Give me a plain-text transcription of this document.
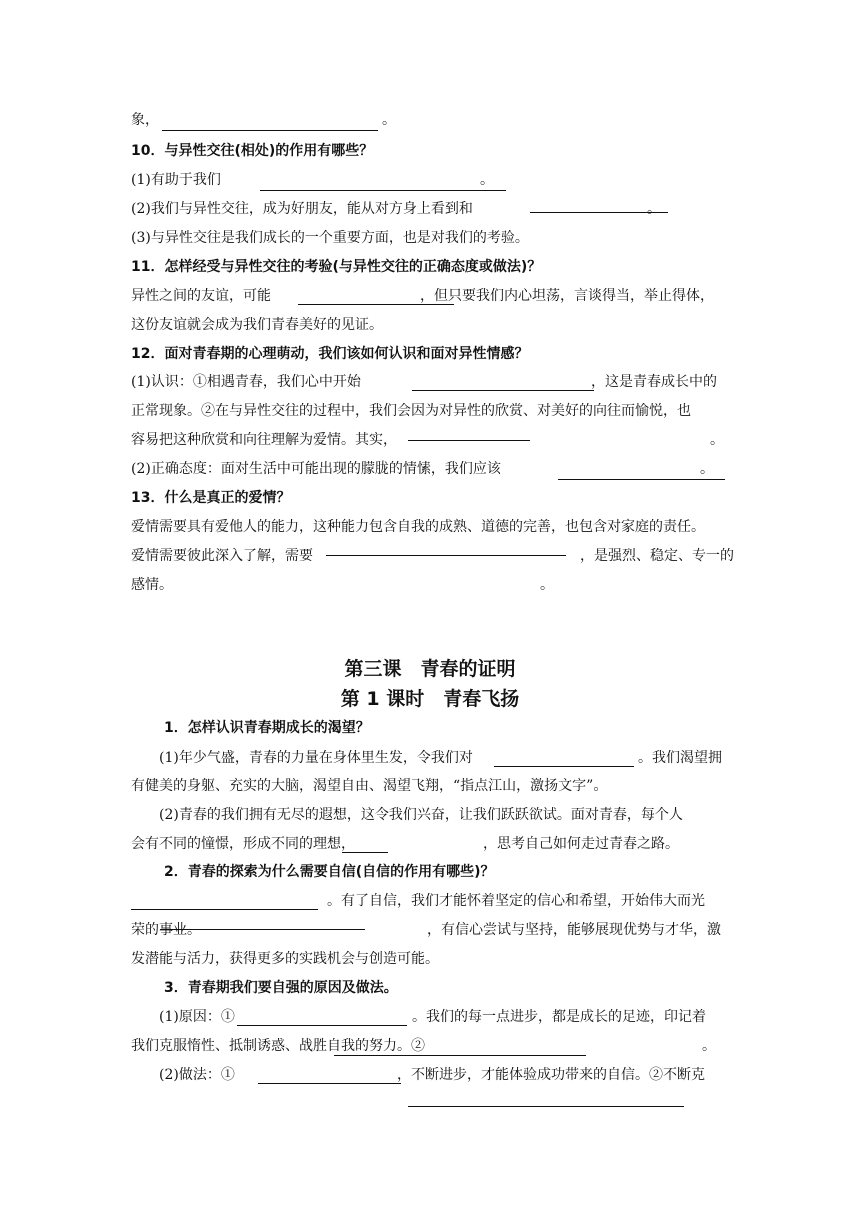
象，	。
10．与异性交往(相处)的作用有哪些？
(1)有助于我们	。
(2)我们与异性交往，成为好朋友，能从对方身上看到和	。
(3)与异性交往是我们成长的一个重要方面，也是对我们的考验。
11．怎样经受与异性交往的考验(与异性交往的正确态度或做法)？
异性之间的友谊，可能	，但只要我们内心坦荡，言谈得当，举止得体，
这份友谊就会成为我们青春美好的见证。
12．面对青春期的心理萌动，我们该如何认识和面对异性情感？
(1)认识：①相遇青春，我们心中开始	，这是青春成长中的
正常现象。②在与异性交往的过程中，我们会因为对异性的欣赏、对美好的向往而愉悦，也
容易把这种欣赏和向往理解为爱情。其实，	。
(2)正确态度：面对生活中可能出现的朦胧的情愫，我们应该	。
13．什么是真正的爱情？
爱情需要具有爱他人的能力，这种能力包含自我的成熟、道德的完善，也包含对家庭的责任。
爱情需要彼此深入了解，需要	，是强烈、稳定、专一的
感情。	。
第三课　青春的证明
第 1 课时　青春飞扬
1．怎样认识青春期成长的渴望？
(1)年少气盛，青春的力量在身体里生发，令我们对	。我们渴望拥
有健美的身躯、充实的大脑，渴望自由、渴望飞翔，“指点江山，激扬文字”。
(2)青春的我们拥有无尽的遐想，这令我们兴奋，让我们跃跃欲试。面对青春，每个人
会有不同的憧憬，形成不同的理想，	，思考自己如何走过青春之路。
2．青春的探索为什么需要自信(自信的作用有哪些)？
。有了自信，我们才能怀着坚定的信心和希望，开始伟大而光
荣的事业。	，有信心尝试与坚持，能够展现优势与才华，激
发潜能与活力，获得更多的实践机会与创造可能。
3．青春期我们要自强的原因及做法。
(1)原因：①	。我们的每一点进步，都是成长的足迹，印记着
我们克服惰性、抵制诱惑、战胜自我的努力。②	。
(2)做法：①	，不断进步，才能体验成功带来的自信。②不断克
